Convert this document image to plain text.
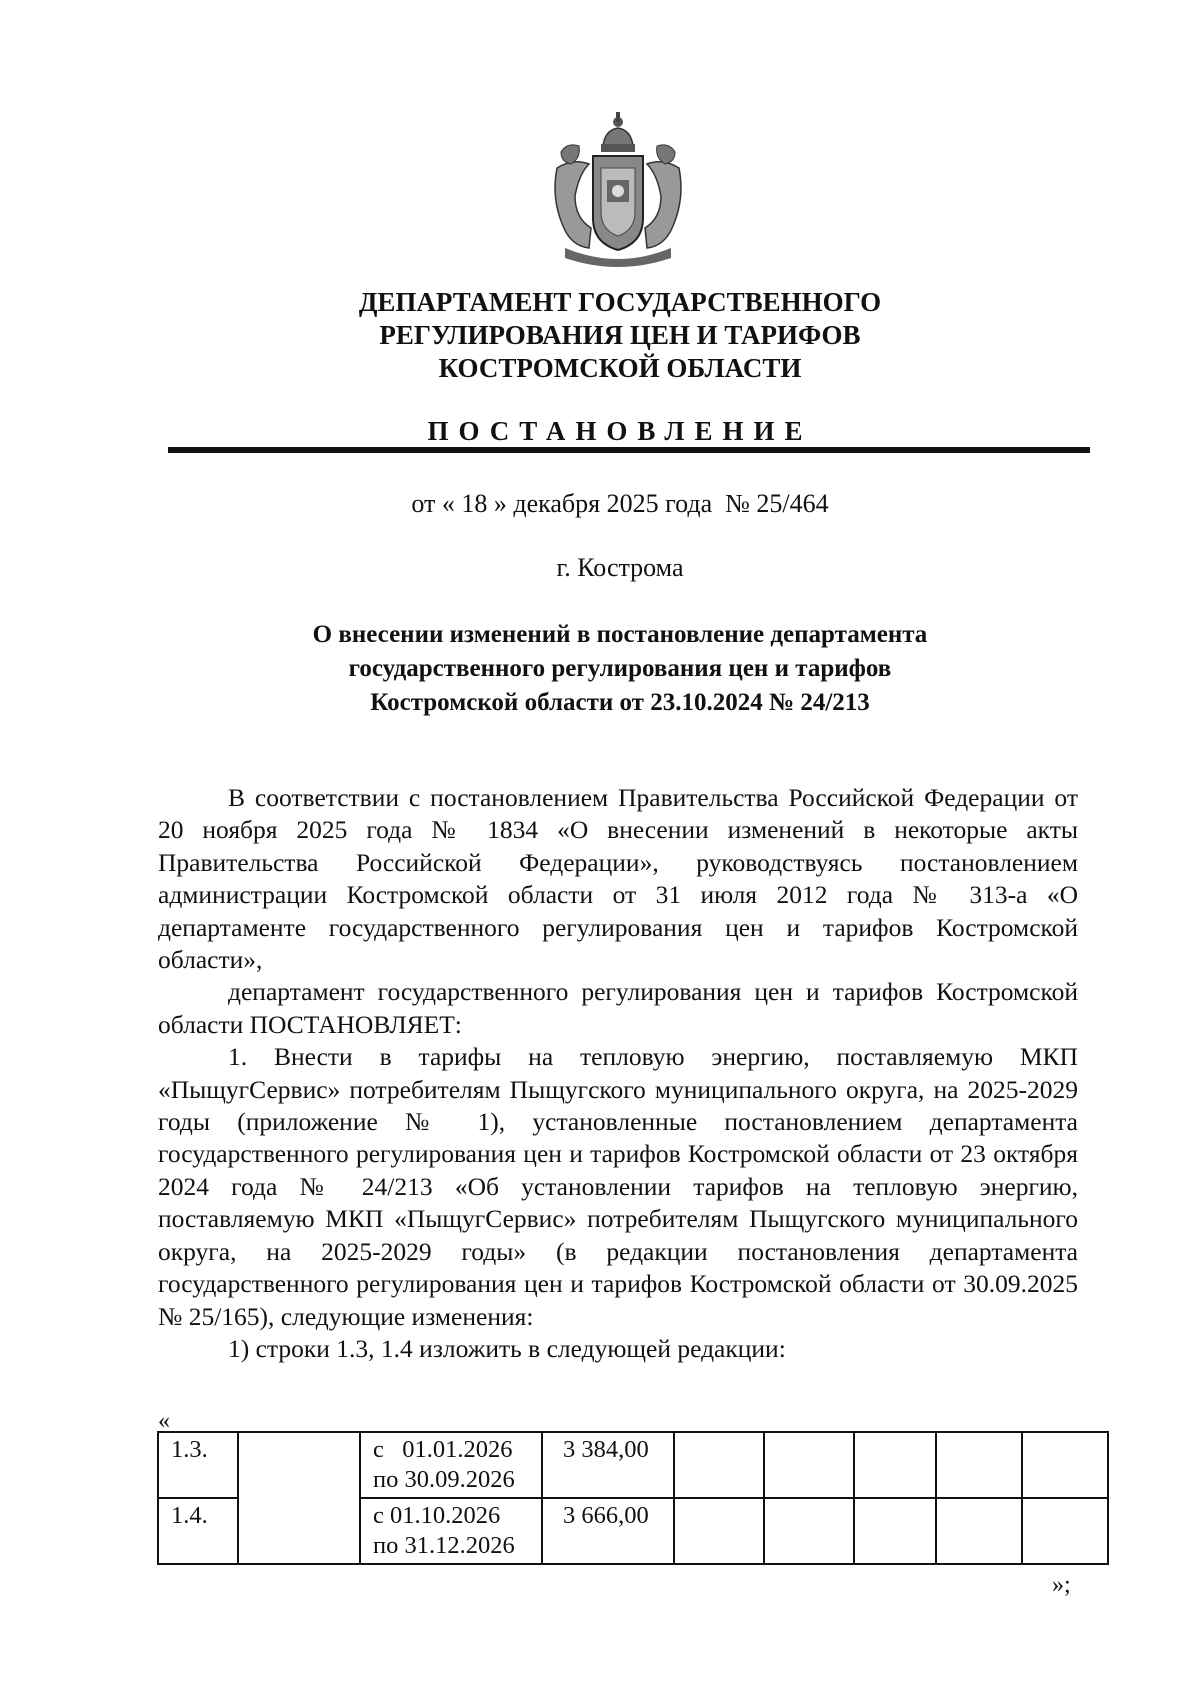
ДЕПАРТАМЕНТ ГОСУДАРСТВЕННОГО
РЕГУЛИРОВАНИЯ ЦЕН И ТАРИФОВ
КОСТРОМСКОЙ ОБЛАСТИ
ПОСТАНОВЛЕНИЕ
от « 18 » декабря 2025 года  № 25/464
г. Кострома
О внесении изменений в постановление департамента
государственного регулирования цен и тарифов
Костромской области от 23.10.2024 № 24/213

В соответствии с постановлением Правительства Российской Федерации от 20 ноября 2025 года № 1834 «О внесении изменений в некоторые акты Правительства Российской Федерации», руководствуясь постановлением администрации Костромской области от 31 июля 2012 года № 313-а «О департаменте государственного регулирования цен и тарифов Костромской области»,

департамент государственного регулирования цен и тарифов Костромской области ПОСТАНОВЛЯЕТ:

1. Внести в тарифы на тепловую энергию, поставляемую МКП «ПыщугСервис» потребителям Пыщугского муниципального округа, на 2025-2029 годы (приложение № 1), установленные постановлением департамента государственного регулирования цен и тарифов Костромской области от 23 октября 2024 года № 24/213 «Об установлении тарифов на тепловую энергию, поставляемую МКП «ПыщугСервис» потребителям Пыщугского муниципального округа, на 2025-2029 годы» (в редакции постановления департамента государственного регулирования цен и тарифов Костромской области от 30.09.2025 № 25/165), следующие изменения:

1) строки 1.3, 1.4 изложить в следующей редакции:

«
1.3.		с   01.01.2026
по 30.09.2026	3 384,00					
1.4.		с 01.10.2026
по 31.12.2026	3 666,00					
»;
